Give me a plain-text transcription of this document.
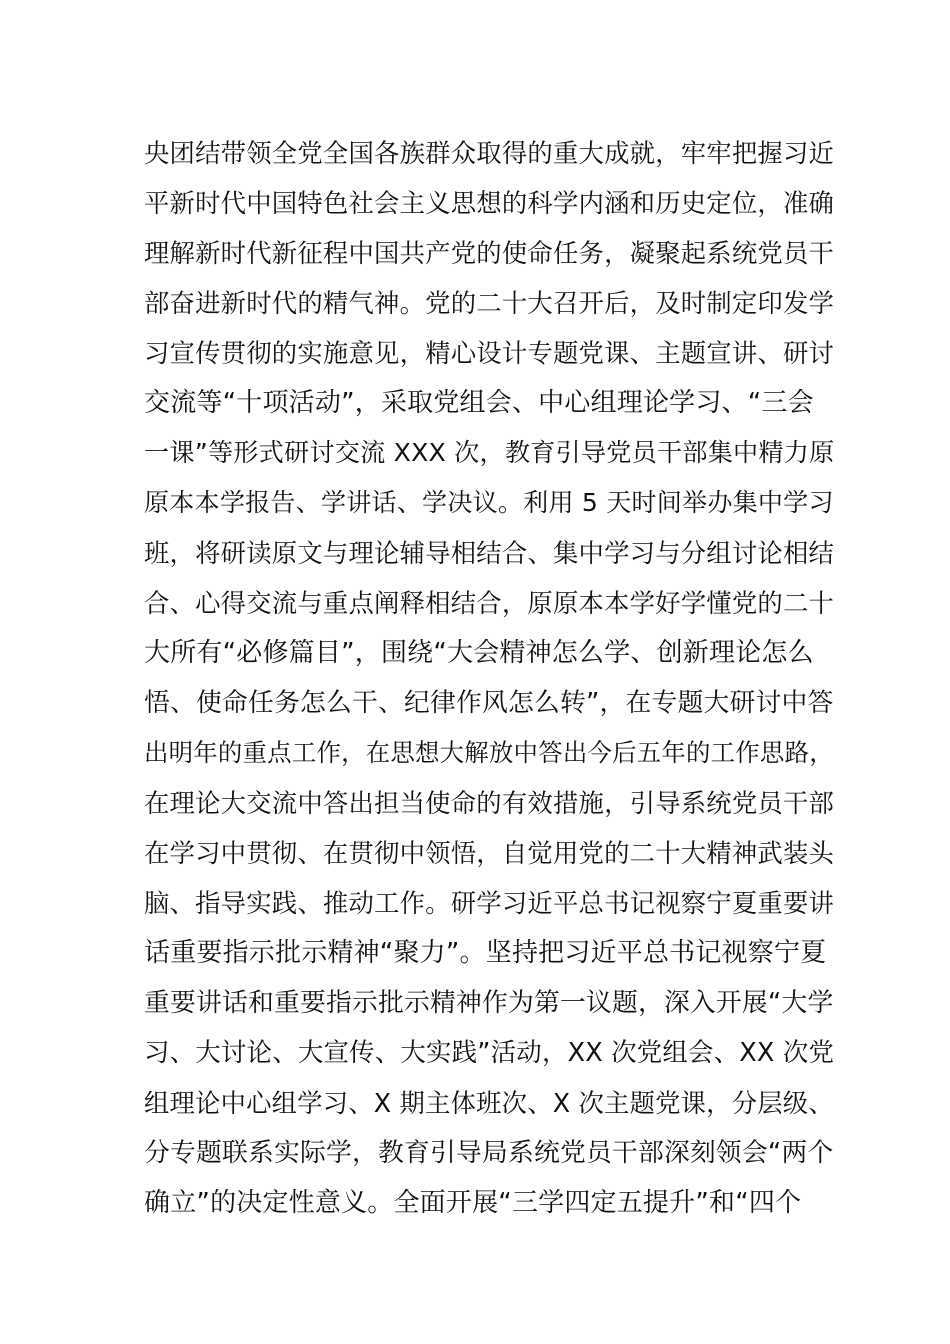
央团结带领全党全国各族群众取得的重大成就，牢牢把握习近
平新时代中国特色社会主义思想的科学内涵和历史定位，准确
理解新时代新征程中国共产党的使命任务，凝聚起系统党员干
部奋进新时代的精气神。党的二十大召开后，及时制定印发学
习宣传贯彻的实施意见，精心设计专题党课、主题宣讲、研讨
交流等“十项活动”，采取党组会、中心组理论学习、“三会
一课”等形式研讨交流 XXX 次，教育引导党员干部集中精力原
原本本学报告、学讲话、学决议。利用 5 天时间举办集中学习
班，将研读原文与理论辅导相结合、集中学习与分组讨论相结
合、心得交流与重点阐释相结合，原原本本学好学懂党的二十
大所有“必修篇目”，围绕“大会精神怎么学、创新理论怎么
悟、使命任务怎么干、纪律作风怎么转”，在专题大研讨中答
出明年的重点工作，在思想大解放中答出今后五年的工作思路，
在理论大交流中答出担当使命的有效措施，引导系统党员干部
在学习中贯彻、在贯彻中领悟，自觉用党的二十大精神武装头
脑、指导实践、推动工作。研学习近平总书记视察宁夏重要讲
话重要指示批示精神“聚力”。坚持把习近平总书记视察宁夏
重要讲话和重要指示批示精神作为第一议题，深入开展“大学
习、大讨论、大宣传、大实践”活动，XX 次党组会、XX 次党
组理论中心组学习、X 期主体班次、X 次主题党课，分层级、
分专题联系实际学，教育引导局系统党员干部深刻领会“两个
确立”的决定性意义。全面开展“三学四定五提升”和“四个
